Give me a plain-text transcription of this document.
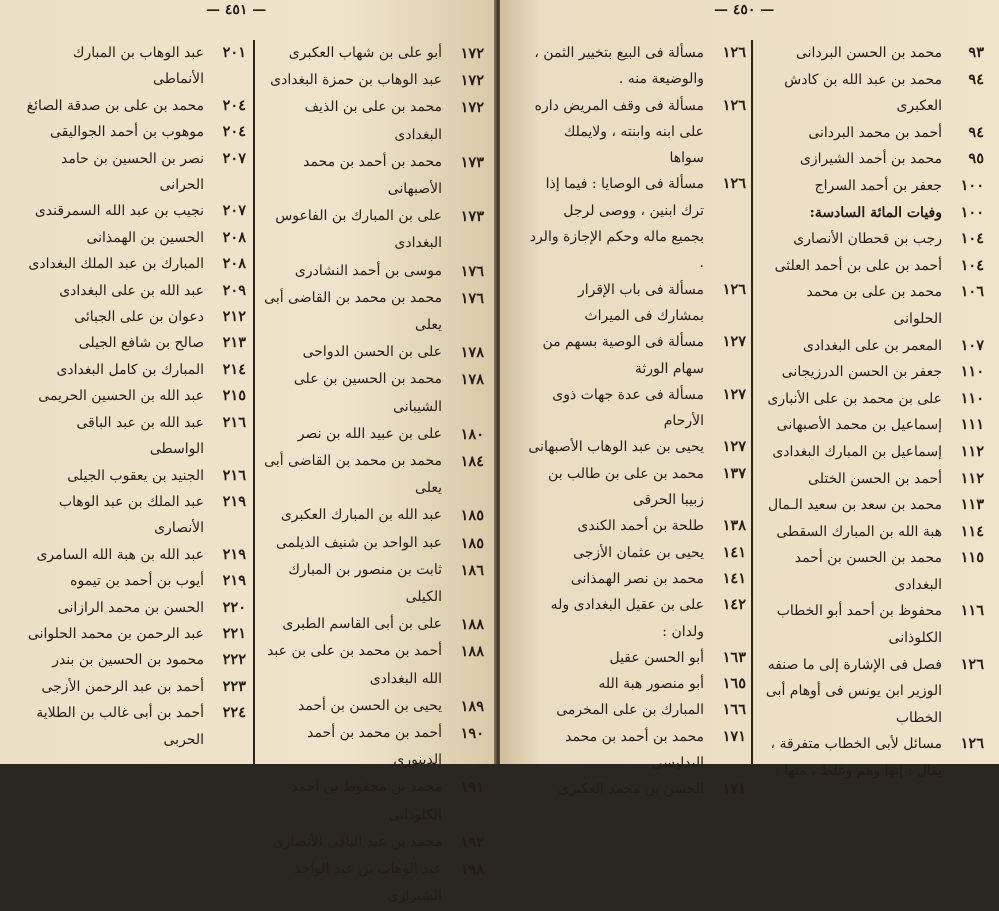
— ٤٥١ —
٢٠١
عبد الوهاب بن المبارك الأنماطى
٢٠٤
محمد بن على بن صدقة الصائغ
٢٠٤
موهوب بن أحمد الجواليقى
٢٠٧
نصر بن الحسين بن حامد الحرانى
٢٠٧
نجيب بن عبد الله السمرقندى
٢٠٨
الحسين بن الهمذانى
٢٠٨
المبارك بن عبد الملك البغدادى
٢٠٩
عبد الله بن على البغدادى
٢١٢
دعوان بن على الجبائى
٢١٣
صالح بن شافع الجيلى
٢١٤
المبارك بن كامل البغدادى
٢١٥
عبد الله بن الحسين الحريمى
٢١٦
عبد الله بن عبد الباقى الواسطى
٢١٦
الجنيد بن يعقوب الجيلى
٢١٩
عبد الملك بن عبد الوهاب الأنصارى
٢١٩
عبد الله بن هبة الله السامرى
٢١٩
أيوب بن أحمد بن تيموه
٢٢٠
الحسن بن محمد الرازانى
٢٢١
عبد الرحمن بن محمد الحلوانى
٢٢٢
محمود بن الحسين بن بندر
٢٢٣
أحمد بن عبد الرحمن الأزجى
٢٢٤
أحمد بن أبى غالب بن الطلاية الحربى
١٧٢
أبو على بن شهاب العكبرى
١٧٢
عبد الوهاب بن حمزة البغدادى
١٧٢
محمد بن على بن الذيف البغدادى
١٧٣
محمد بن أحمد بن محمد الأصبهانى
١٧٣
على بن المبارك بن الفاعوس البغدادى
١٧٦
موسى بن أحمد النشادرى
١٧٦
محمد بن محمد بن القاضى أبى يعلى
١٧٨
على بن الحسن الدواحى
١٧٨
محمد بن الحسين بن على الشيبانى
١٨٠
على بن عبيد الله بن نصر
١٨٤
محمد بن محمد بن القاضى أبى يعلى
١٨٥
عبد الله بن المبارك العكبرى
١٨٥
عبد الواحد بن شنيف الديلمى
١٨٦
ثابت بن منصور بن المبارك الكيلى
١٨٨
على بن أبى القاسم الطبرى
١٨٨
أحمد بن محمد بن على بن عبد الله البغدادى
١٨٩
يحيى بن الحسن بن أحمد
١٩٠
أحمد بن محمد بن أحمد الدينورى
١٩١
محمد بن محفوظ بن أحمد الكلوذانى
١٩٢
محمد بن عبد الباقى الأنصارى
١٩٨
عبد الوهاب بن عبد الواحد الشيرازى
— ٤٥٠ —
٩٣
محمد بن الحسن البردانى
٩٤
محمد بن عبد الله بن كادش العكبرى
٩٤
أحمد بن محمد البردانى
٩٥
محمد بن أحمد الشيرازى
١٠٠
جعفر بن أحمد السراج
١٠٠
وفيات المائة السادسة:
١٠٤
رجب بن قحطان الأنصارى
١٠٤
أحمد بن على بن أحمد العلثى
١٠٦
محمد بن على بن محمد الحلوانى
١٠٧
المعمر بن على البغدادى
١١٠
جعفر بن الحسن الدرزيجانى
١١٠
على بن محمد بن على الأنبارى
١١١
إسماعيل بن محمد الأصبهانى
١١٢
إسماعيل بن المبارك البغدادى
١١٢
أحمد بن الحسن الختلى
١١٣
محمد بن سعد بن سعيد الـمال
١١٤
هبة الله بن المبارك السقطى
١١٥
محمد بن الحسن بن أحمد البغدادى
١١٦
محفوظ بن أحمد أبو الخطاب الكلوذانى
١٢٦
فصل فى الإشارة إلى ما صنفه الوزير ابن يونس فى أوهام أبى الخطاب
١٢٦
مسائل لأبى الخطاب متفرقة ، يقال : إنها وهم وغلط ، منها :
١٢٦
مسألة فى البيع بتخيير الثمن ، والوضيعة منه .
١٢٦
مسألة فى وقف المريض داره على ابنه وابنته ، ولايملك سواها
١٢٦
مسألة فى الوصايا : فيما إذا ترك ابنين ، ووصى لرجل بجميع ماله وحكم الإجازة والرد .
١٢٦
مسألة فى باب الإقرار بمشارك فى الميراث
١٢٧
مسألة فى الوصية بسهم من سهام الورثة
١٢٧
مسألة فى عدة جهات ذوى الأرحام
١٢٧
يحيى بن عبد الوهاب الأصبهانى
١٣٧
محمد بن على بن طالب بن زبيبا الحرقى
١٣٨
طلحة بن أحمد الكندى
١٤١
يحيى بن عثمان الأزجى
١٤١
محمد بن نصر الهمذانى
١٤٢
على بن عقيل البغدادى وله ولدان :
١٦٣
أبو الحسن عقيل
١٦٥
أبو منصور هبة الله
١٦٦
المبارك بن على المخرمى
١٧١
محمد بن أحمد بن محمد البدليسى
١٧١
الحسن بن محمد العكبرى
